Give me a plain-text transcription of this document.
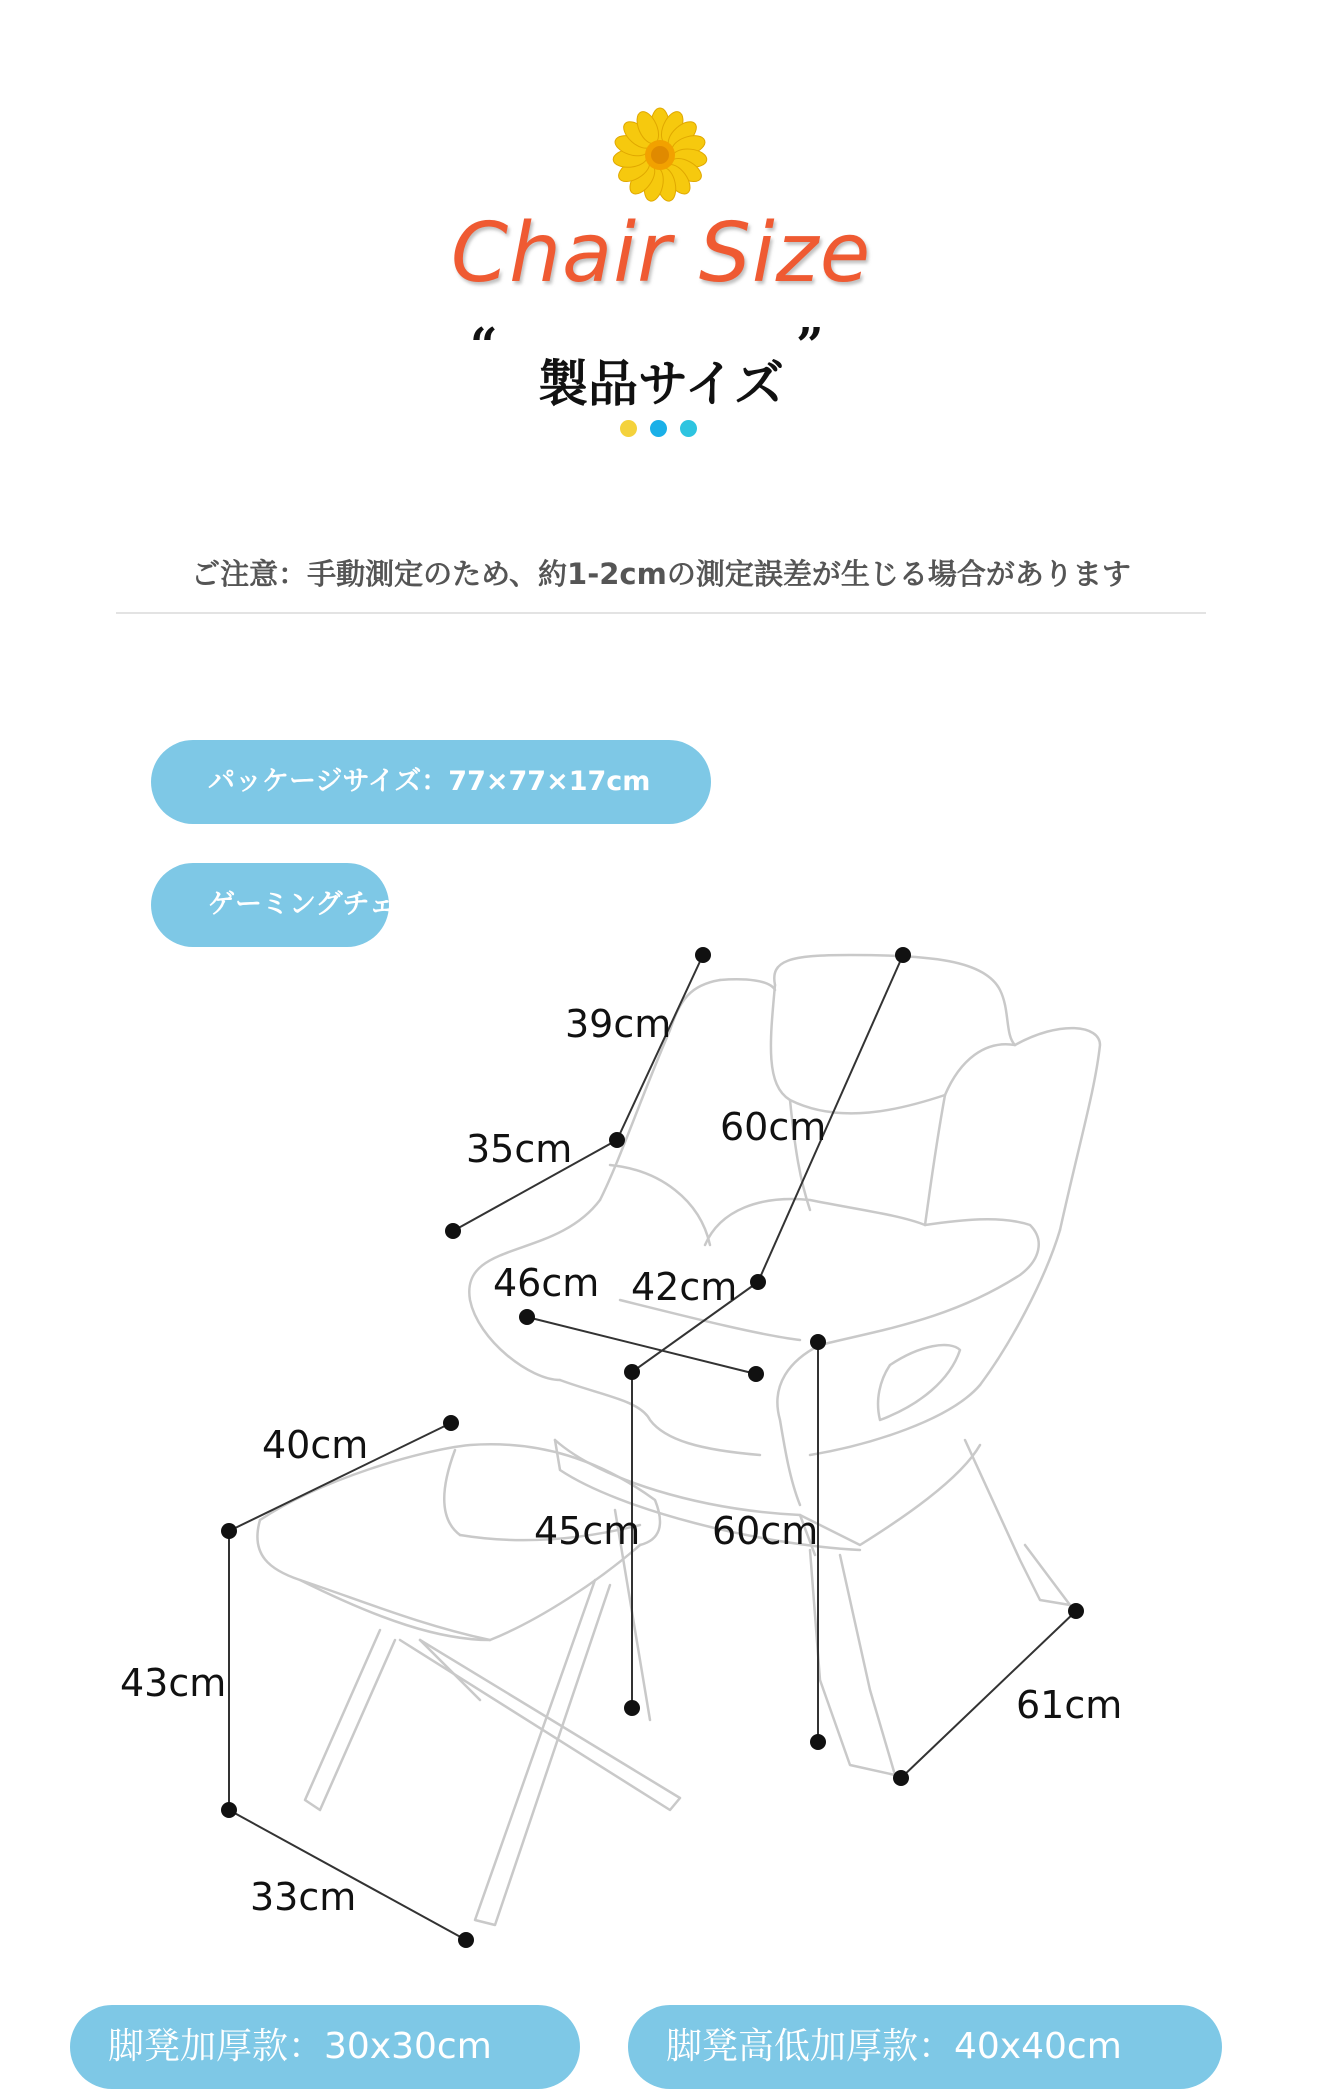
Chair Size
“
製品サイズ
”
ご注意：手動測定のため、約1-2cmの測定誤差が生じる場合があります
パッケージサイズ：77×77×17cm
ゲーミングチェア
39cm
35cm	60cm
46cm 42cm
45cm 60cm
61cm
40cm
43cm
33cm
脚凳加厚款：30x30cm	脚凳高低加厚款：40x40cm
